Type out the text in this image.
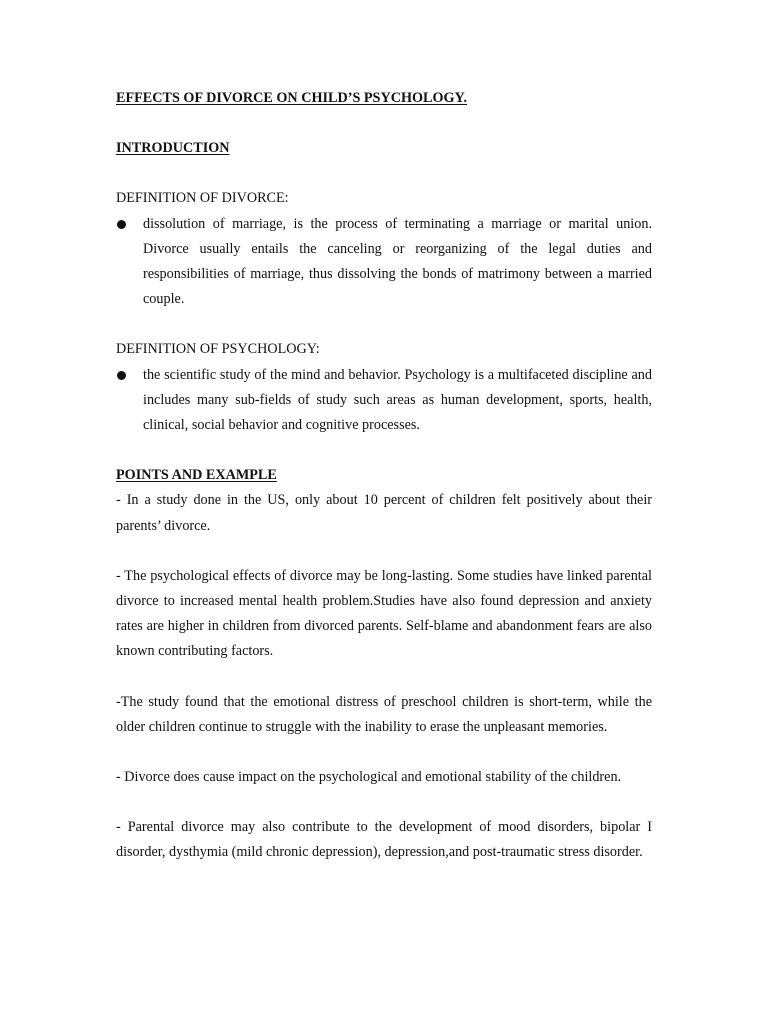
EFFECTS OF DIVORCE ON CHILD’S PSYCHOLOGY.

INTRODUCTION

DEFINITION OF DIVORCE:

dissolution of marriage, is the process of terminating a marriage or marital union. Divorce usually entails the canceling or reorganizing of the legal duties and responsibilities of marriage, thus dissolving the bonds of matrimony between a married couple.

DEFINITION OF PSYCHOLOGY:

the scientific study of the mind and behavior. Psychology is a multifaceted discipline and includes many sub-fields of study such areas as human development, sports, health, clinical, social behavior and cognitive processes.

POINTS AND EXAMPLE

- In a study done in the US, only about 10 percent of children felt positively about their parents’ divorce.

- The psychological effects of divorce may be long-lasting. Some studies have linked parental divorce to increased mental health problem.Studies have also found depression and anxiety rates are higher in children from divorced parents. Self-blame and abandonment fears are also known contributing factors.

-The study found that the emotional distress of preschool children is short-term, while the older children continue to struggle with the inability to erase the unpleasant memories.

- Divorce does cause impact on the psychological and emotional stability of the children.

- Parental divorce may also contribute to the development of mood disorders, bipolar I disorder, dysthymia (mild chronic depression), depression,and post-traumatic stress disorder.
